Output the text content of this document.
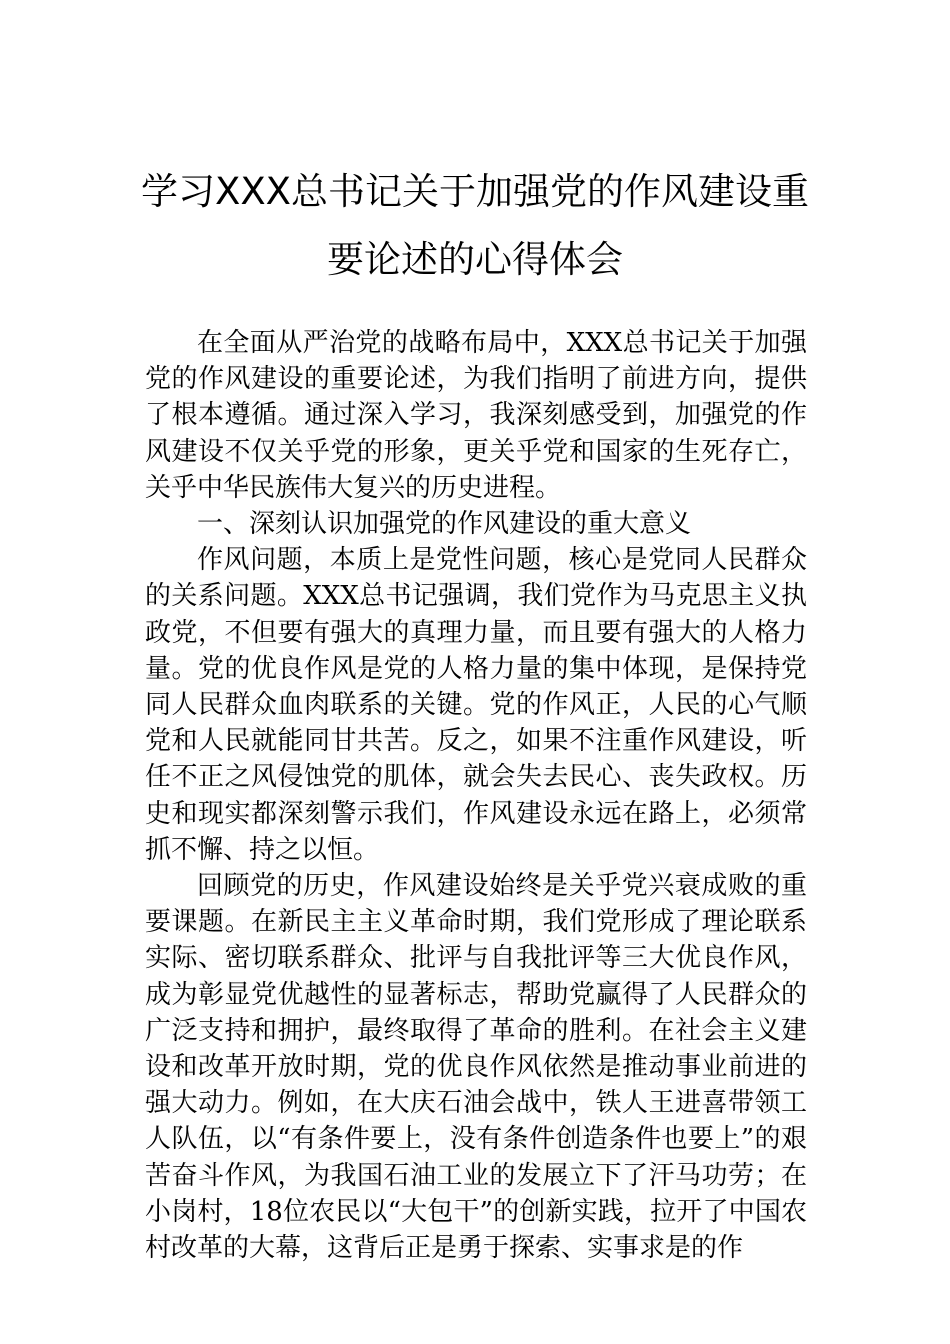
学习XXX总书记关于加强党的作风建设重要论述的心得体会

在全面从严治党的战略布局中，XXX总书记关于加强党的作风建设的重要论述，为我们指明了前进方向，提供了根本遵循。通过深入学习，我深刻感受到，加强党的作风建设不仅关乎党的形象，更关乎党和国家的生死存亡，关乎中华民族伟大复兴的历史进程。

一、深刻认识加强党的作风建设的重大意义

作风问题，本质上是党性问题，核心是党同人民群众的关系问题。XXX总书记强调，我们党作为马克思主义执政党，不但要有强大的真理力量，而且要有强大的人格力量。党的优良作风是党的人格力量的集中体现，是保持党同人民群众血肉联系的关键。党的作风正，人民的心气顺党和人民就能同甘共苦。反之，如果不注重作风建设，听任不正之风侵蚀党的肌体，就会失去民心、丧失政权。历史和现实都深刻警示我们，作风建设永远在路上，必须常抓不懈、持之以恒。

回顾党的历史，作风建设始终是关乎党兴衰成败的重要课题。在新民主主义革命时期，我们党形成了理论联系实际、密切联系群众、批评与自我批评等三大优良作风，成为彰显党优越性的显著标志，帮助党赢得了人民群众的广泛支持和拥护，最终取得了革命的胜利。在社会主义建设和改革开放时期，党的优良作风依然是推动事业前进的强大动力。例如，在大庆石油会战中，铁人王进喜带领工人队伍，以“有条件要上，没有条件创造条件也要上”的艰苦奋斗作风，为我国石油工业的发展立下了汗马功劳；在小岗村，18位农民以“大包干”的创新实践，拉开了中国农村改革的大幕，这背后正是勇于探索、实事求是的作
